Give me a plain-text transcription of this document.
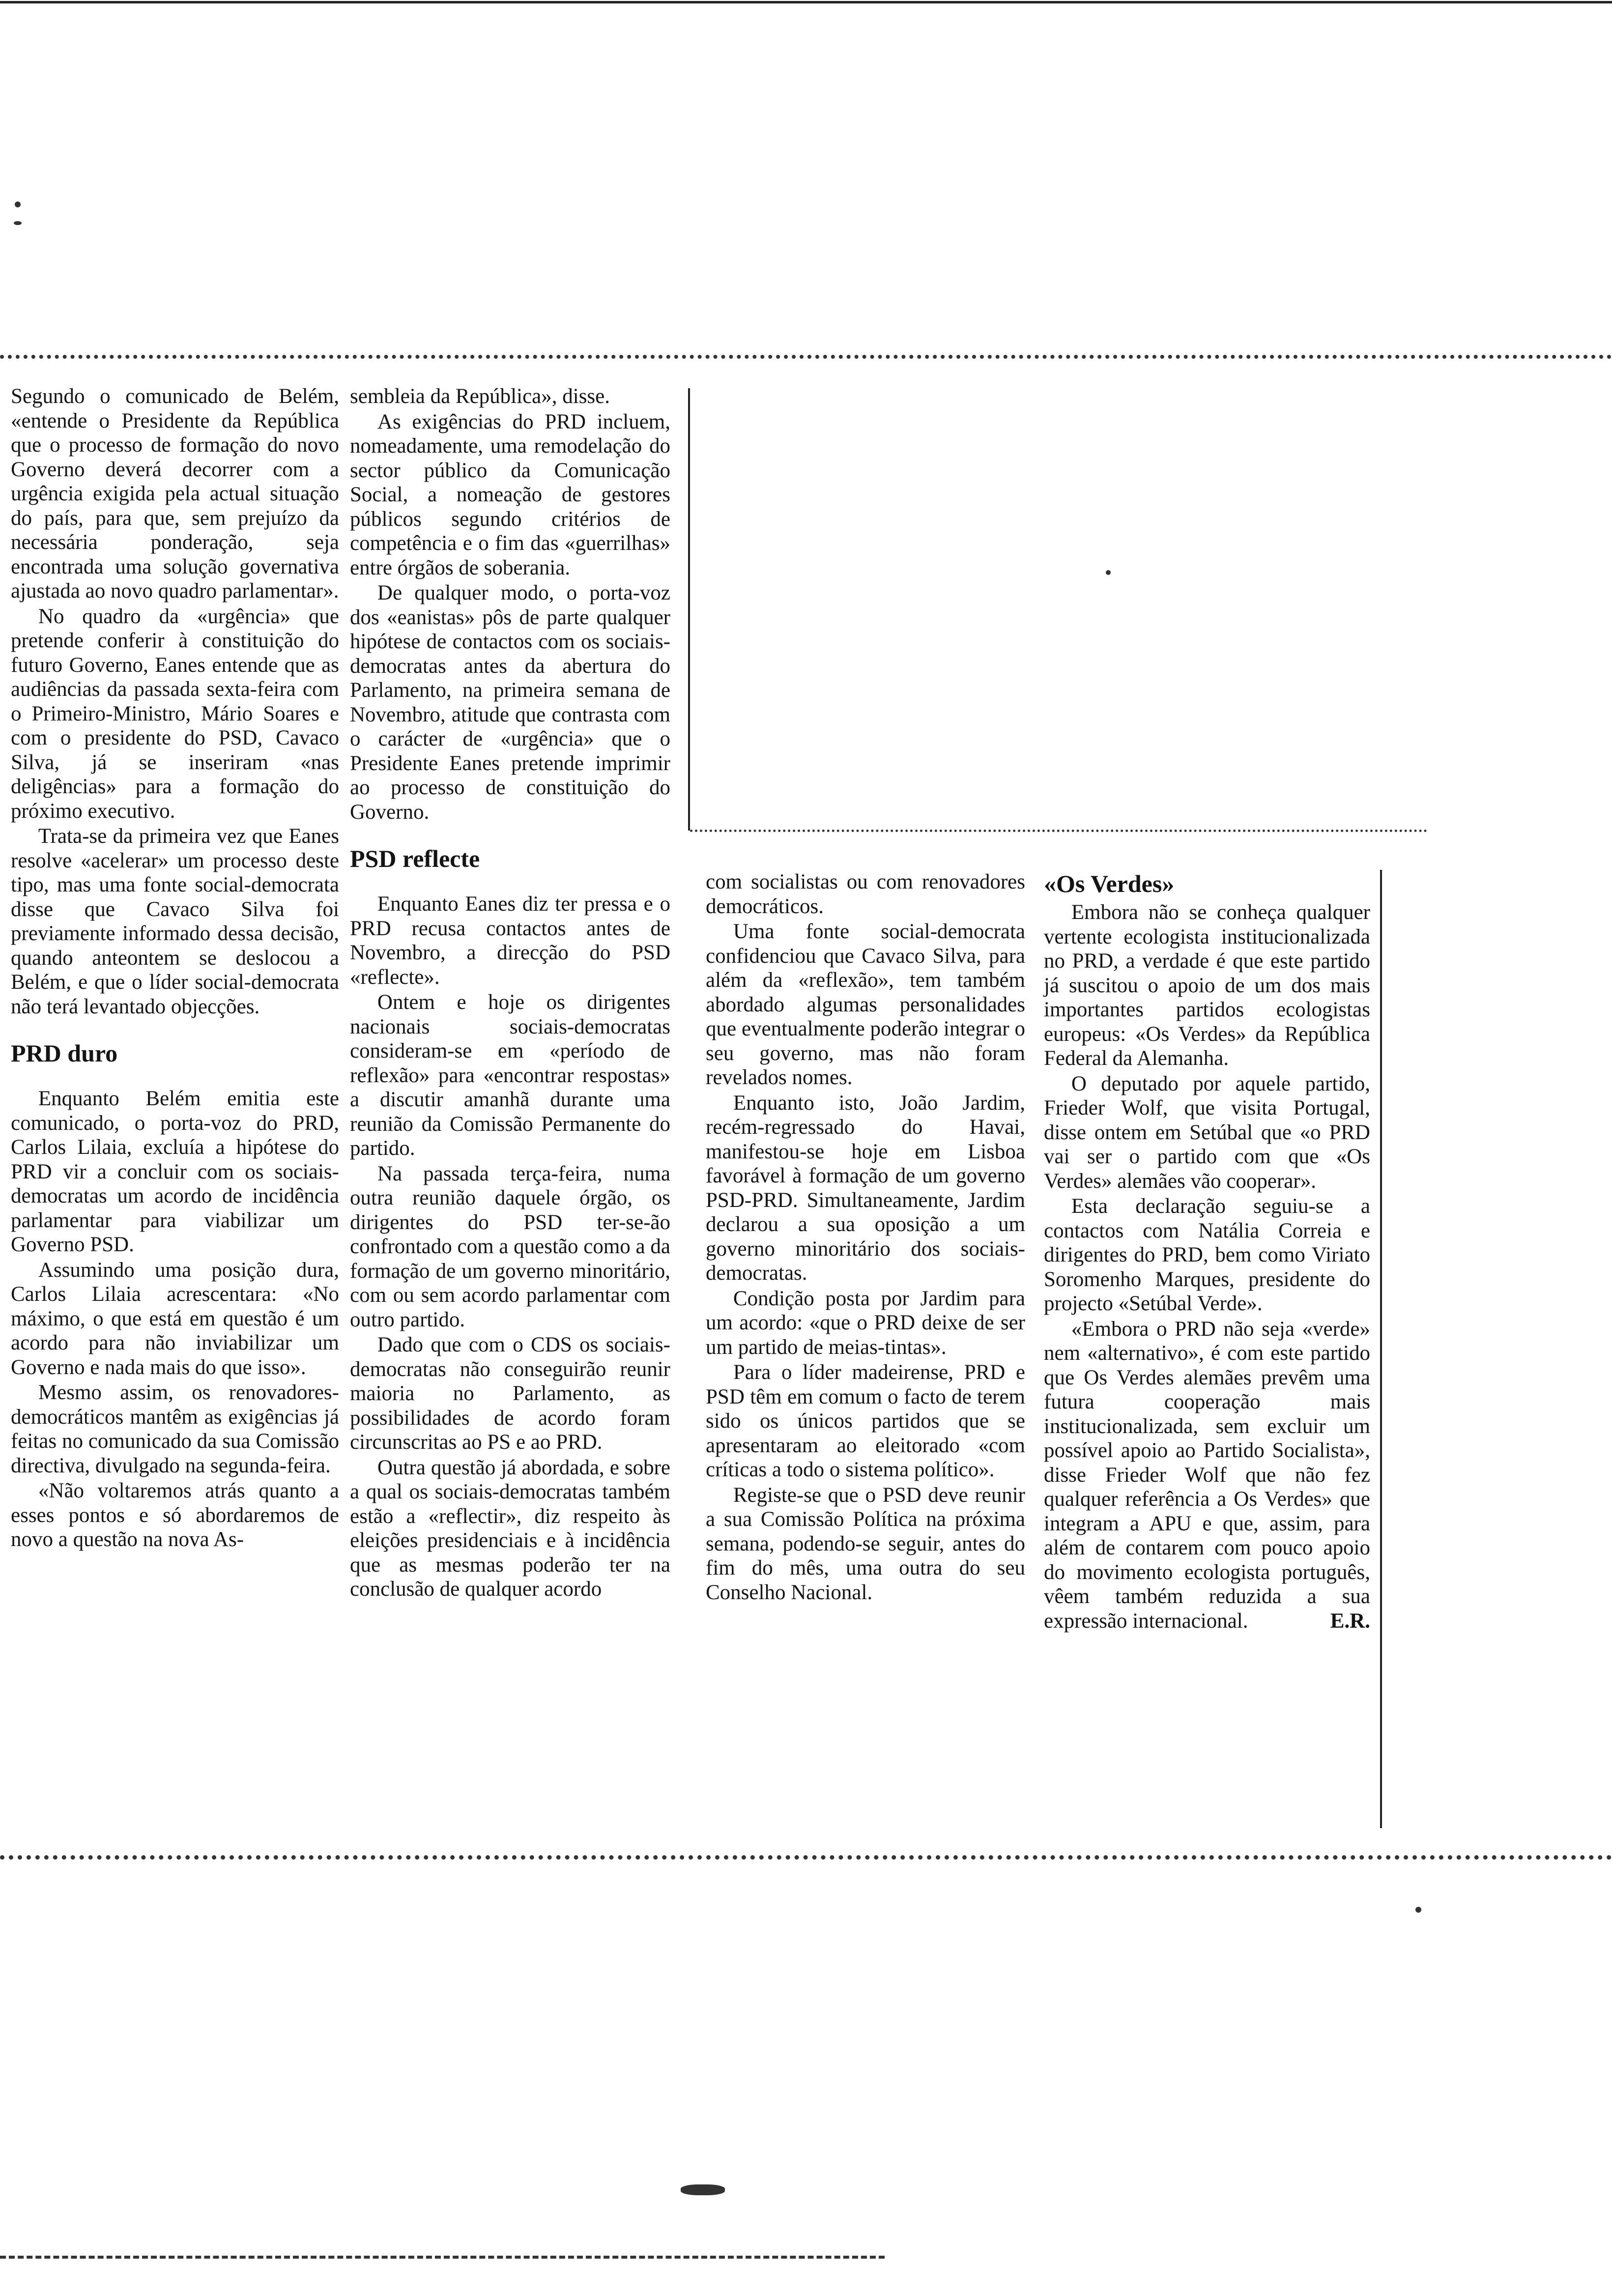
Segundo o comunicado de Belém, «entende o Presidente da República que o processo de formação do novo Governo deverá decorrer com a urgência exigida pela actual situação do país, para que, sem prejuízo da necessária ponderação, seja encontrada uma solução governativa ajustada ao novo quadro parlamentar».

No quadro da «urgência» que pretende conferir à constituição do futuro Governo, Eanes entende que as audiências da passada sexta-feira com o Primeiro-Ministro, Mário Soares e com o presidente do PSD, Cavaco Silva, já se inseriram «nas deligências» para a formação do próximo executivo.

Trata-se da primeira vez que Eanes resolve «acelerar» um processo deste tipo, mas uma fonte social-democrata disse que Cavaco Silva foi previamente informado dessa decisão, quando anteontem se deslocou a Belém, e que o líder social-democrata não terá levantado objecções.

PRD duro

Enquanto Belém emitia este comunicado, o porta-voz do PRD, Carlos Lilaia, excluía a hipótese do PRD vir a concluir com os sociais-democratas um acordo de incidência parlamentar para viabilizar um Governo PSD.

Assumindo uma posição dura, Carlos Lilaia acrescentara: «No máximo, o que está em questão é um acordo para não inviabilizar um Governo e nada mais do que isso».

Mesmo assim, os renovadores-democráticos mantêm as exigências já feitas no comunicado da sua Comissão directiva, divulgado na segunda-feira.

«Não voltaremos atrás quanto a esses pontos e só abordaremos de novo a questão na nova As-

sembleia da República», disse.

As exigências do PRD incluem, nomeadamente, uma remodelação do sector público da Comunicação Social, a nomeação de gestores públicos segundo critérios de competência e o fim das «guerrilhas» entre órgãos de soberania.

De qualquer modo, o porta-voz dos «eanistas» pôs de parte qualquer hipótese de contactos com os sociais-democratas antes da abertura do Parlamento, na primeira semana de Novembro, atitude que contrasta com o carácter de «urgência» que o Presidente Eanes pretende imprimir ao processo de constituição do Governo.

PSD reflecte

Enquanto Eanes diz ter pressa e o PRD recusa contactos antes de Novembro, a direcção do PSD «reflecte».

Ontem e hoje os dirigentes nacionais sociais-democratas consideram-se em «período de reflexão» para «encontrar respostas» a discutir amanhã durante uma reunião da Comissão Permanente do partido.

Na passada terça-feira, numa outra reunião daquele órgão, os dirigentes do PSD ter-se-ão confrontado com a questão como a da formação de um governo minoritário, com ou sem acordo parlamentar com outro partido.

Dado que com o CDS os sociais-democratas não conseguirão reunir maioria no Parlamento, as possibilidades de acordo foram circunscritas ao PS e ao PRD.

Outra questão já abordada, e sobre a qual os sociais-democratas também estão a «reflectir», diz respeito às eleições presidenciais e à incidência que as mesmas poderão ter na conclusão de qualquer acordo

com socialistas ou com renovadores democráticos.

Uma fonte social-democrata confidenciou que Cavaco Silva, para além da «reflexão», tem também abordado algumas personalidades que eventualmente poderão integrar o seu governo, mas não foram revelados nomes.

Enquanto isto, João Jardim, recém-regressado do Havai, manifestou-se hoje em Lisboa favorável à formação de um governo PSD-PRD. Simultaneamente, Jardim declarou a sua oposição a um governo minoritário dos sociais-democratas.

Condição posta por Jardim para um acordo: «que o PRD deixe de ser um partido de meias-tintas».

Para o líder madeirense, PRD e PSD têm em comum o facto de terem sido os únicos partidos que se apresentaram ao eleitorado «com críticas a todo o sistema político».

Registe-se que o PSD deve reunir a sua Comissão Política na próxima semana, podendo-se seguir, antes do fim do mês, uma outra do seu Conselho Nacional.

«Os Verdes»

Embora não se conheça qualquer vertente ecologista institucionalizada no PRD, a verdade é que este partido já suscitou o apoio de um dos mais importantes partidos ecologistas europeus: «Os Verdes» da República Federal da Alemanha.

O deputado por aquele partido, Frieder Wolf, que visita Portugal, disse ontem em Setúbal que «o PRD vai ser o partido com que «Os Verdes» alemães vão cooperar».

Esta declaração seguiu-se a contactos com Natália Correia e dirigentes do PRD, bem como Viriato Soromenho Marques, presidente do projecto «Setúbal Verde».

«Embora o PRD não seja «verde» nem «alternativo», é com este partido que Os Verdes alemães prevêm uma futura cooperação mais institucionalizada, sem excluir um possível apoio ao Partido Socialista», disse Frieder Wolf que não fez qualquer referência a Os Verdes» que integram a APU e que, assim, para além de contarem com pouco apoio do movimento ecologista português, vêem também reduzida a sua expressão internacional.	E.R.
